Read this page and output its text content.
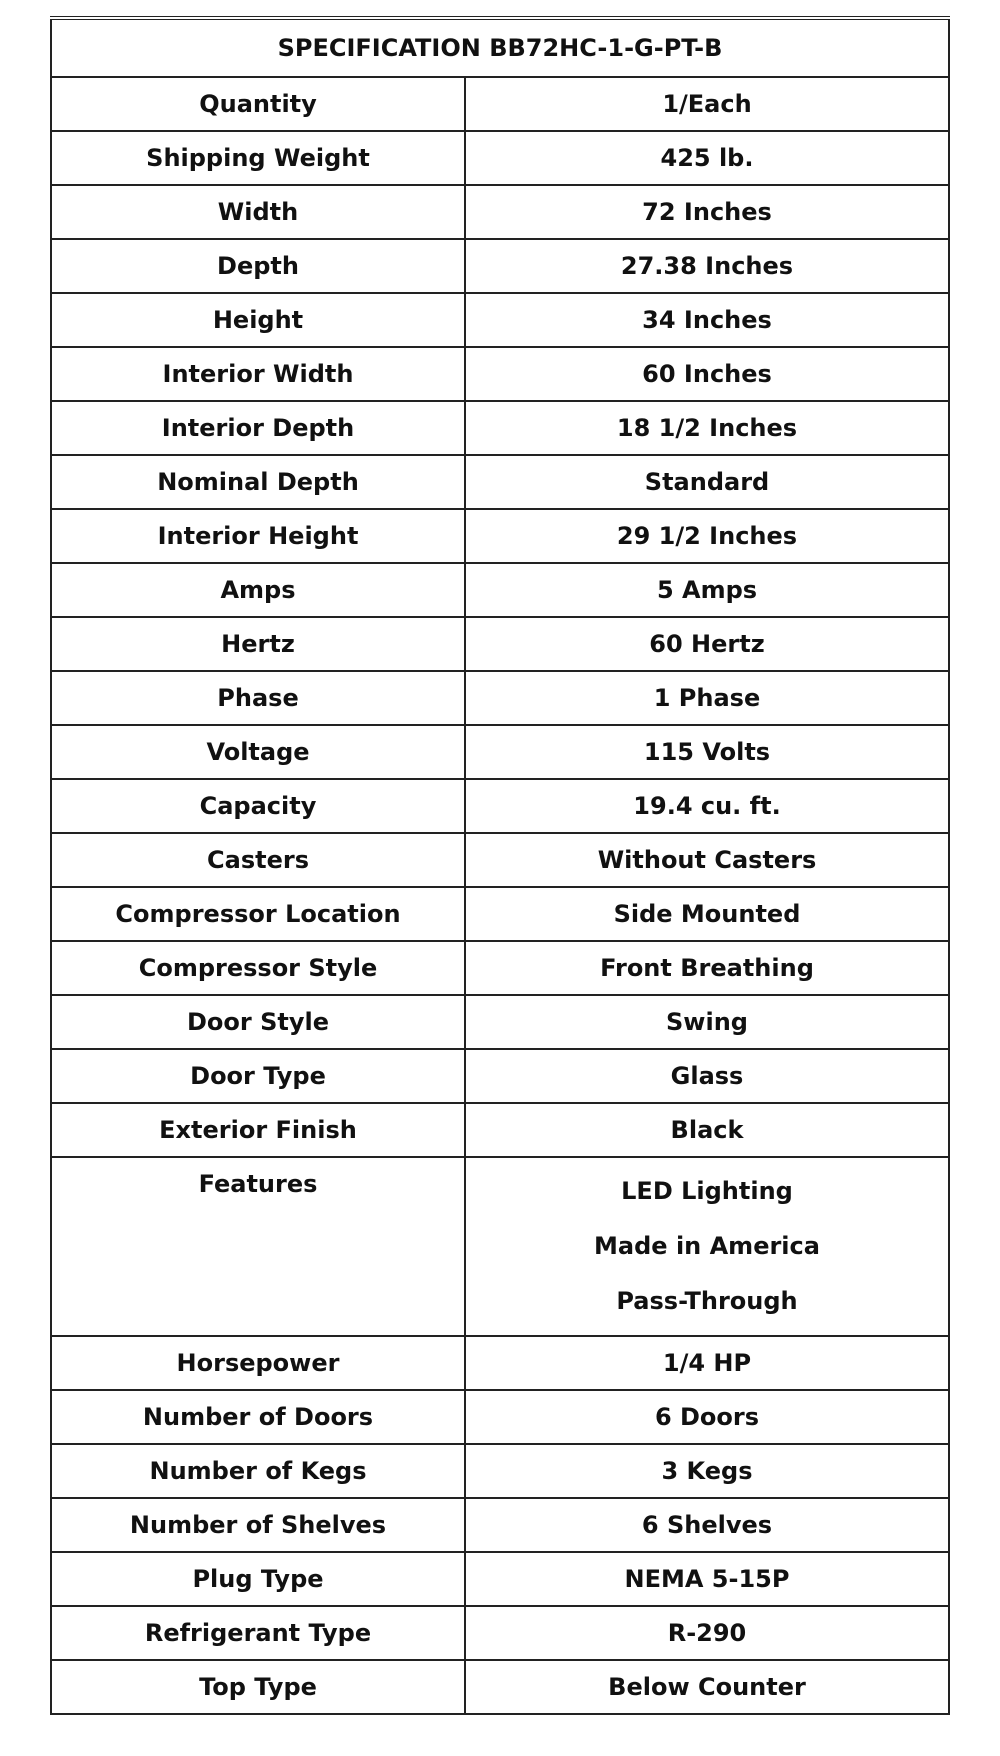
SPECIFICATION BB72HC-1-G-PT-B	
Quantity	1/Each
Shipping Weight	425 lb.
Width	72 Inches
Depth	27.38 Inches
Height	34 Inches
Interior Width	60 Inches
Interior Depth	18 1/2 Inches
Nominal Depth	Standard
Interior Height	29 1/2 Inches
Amps	5 Amps
Hertz	60 Hertz
Phase	1 Phase
Voltage	115 Volts
Capacity	19.4 cu. ft.
Casters	Without Casters
Compressor Location	Side Mounted
Compressor Style	Front Breathing
Door Style	Swing
Door Type	Glass
Exterior Finish	Black
Features	LED Lighting
Made in America
Pass-Through

Horsepower	1/4 HP
Number of Doors	6 Doors
Number of Kegs	3 Kegs
Number of Shelves	6 Shelves
Plug Type	NEMA 5-15P
Refrigerant Type	R-290
Top Type	Below Counter
